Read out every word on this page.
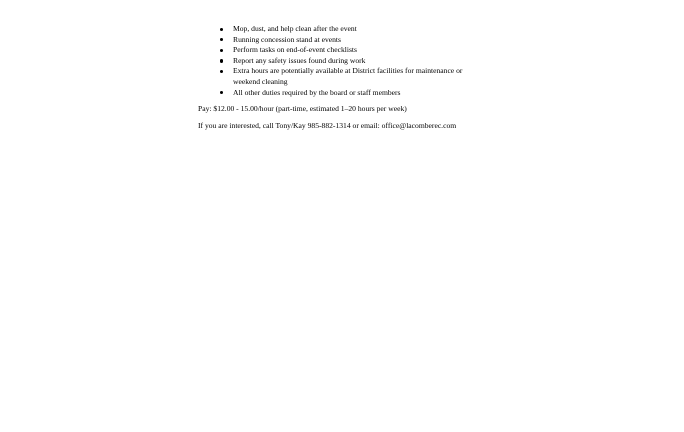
Mop, dust, and help clean after the event
Running concession stand at events
Perform tasks on end-of-event checklists
Report any safety issues found during work
Extra hours are potentially available at District facilities for maintenance or weekend cleaning
All other duties required by the board or staff members

Pay: $12.00 - 15.00/hour (part-time, estimated 1–20 hours per week)

If you are interested, call Tony/Kay 985-882-1314 or email: office@lacomberec.com
